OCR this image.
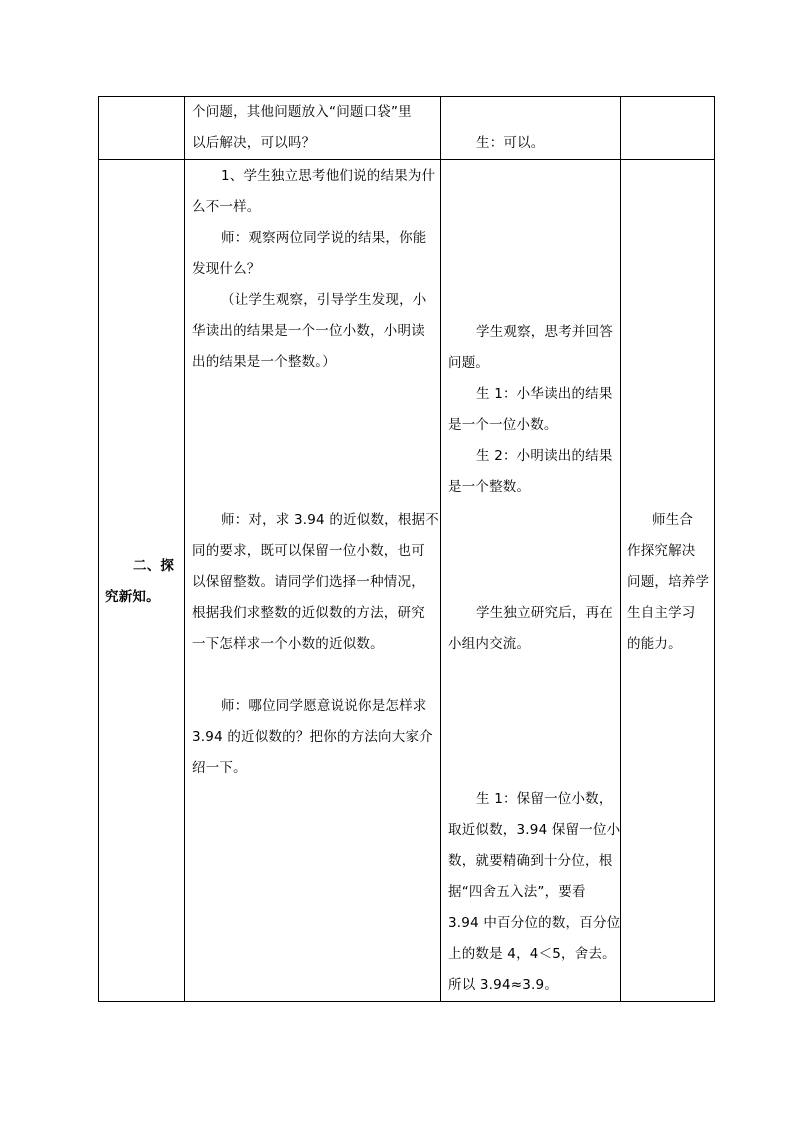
个问题，其他问题放入“问题口袋”里
以后解决，可以吗？	生：可以。
二、探
究新知。
1、学生独立思考他们说的结果为什
么不一样。
师：观察两位同学说的结果，你能
发现什么？
（让学生观察，引导学生发现，小
华读出的结果是一个一位小数，小明读
出的结果是一个整数。）
师：对，求 3.94 的近似数，根据不
同的要求，既可以保留一位小数，也可
以保留整数。请同学们选择一种情况，
根据我们求整数的近似数的方法，研究
一下怎样求一个小数的近似数。
师：哪位同学愿意说说你是怎样求
3.94 的近似数的？把你的方法向大家介
绍一下。
学生观察，思考并回答
问题。
生 1：小华读出的结果
是一个一位小数。
生 2：小明读出的结果
是一个整数。
学生独立研究后，再在
小组内交流。
生 1：保留一位小数，
取近似数，3.94 保留一位小
数，就要精确到十分位，根
据“四舍五入法”，要看
3.94 中百分位的数，百分位
上的数是 4，4＜5，舍去。
所以 3.94≈3.9。
师生合
作探究解决
问题，培养学
生自主学习
的能力。
